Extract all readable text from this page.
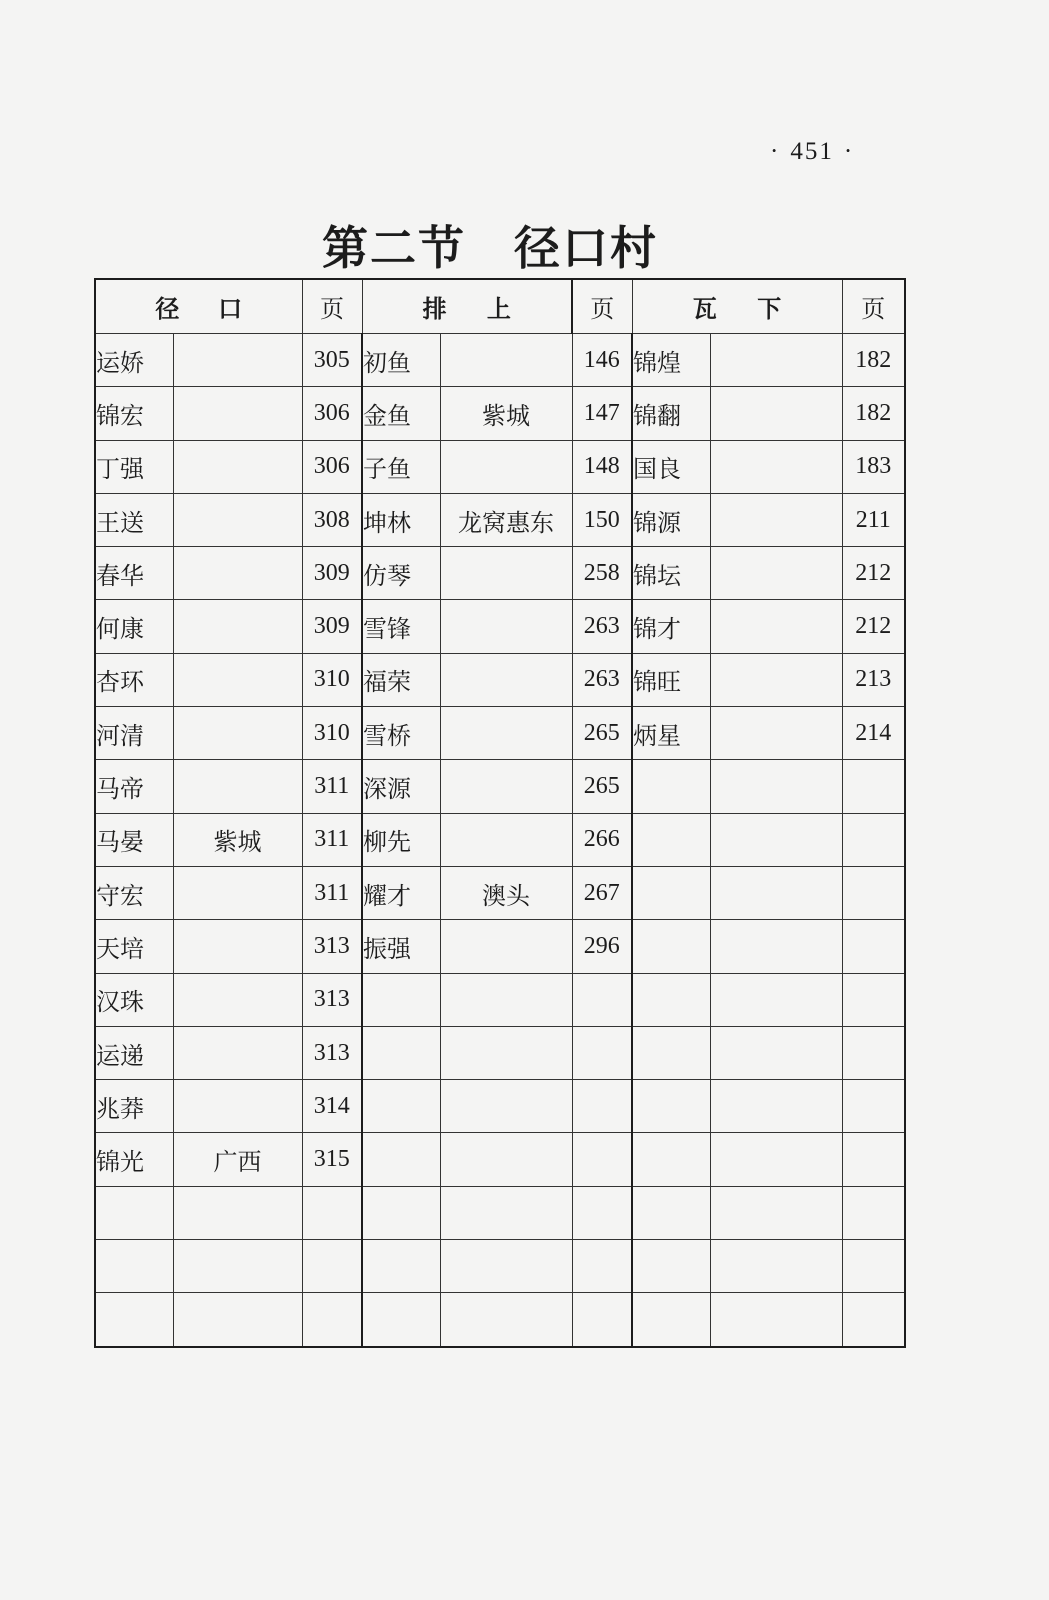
· 451 ·
第二节　径口村
径 口		页	排 上		页	瓦 下		页
运娇		305	初鱼		146	锦煌		182
锦宏		306	金鱼	紫城	147	锦翻		182
丁强		306	子鱼		148	国良		183
王送		308	坤林	龙窝惠东	150	锦源		211
春华		309	仿琴		258	锦坛		212
何康		309	雪锋		263	锦才		212
杏环		310	福荣		263	锦旺		213
河清		310	雪桥		265	炳星		214
马帝		311	深源		265			
马晏	紫城	311	柳先		266			
守宏		311	耀才	澳头	267			
天培		313	振强		296			
汉珠		313						
运递		313						
兆莽		314						
锦光	广西	315						
